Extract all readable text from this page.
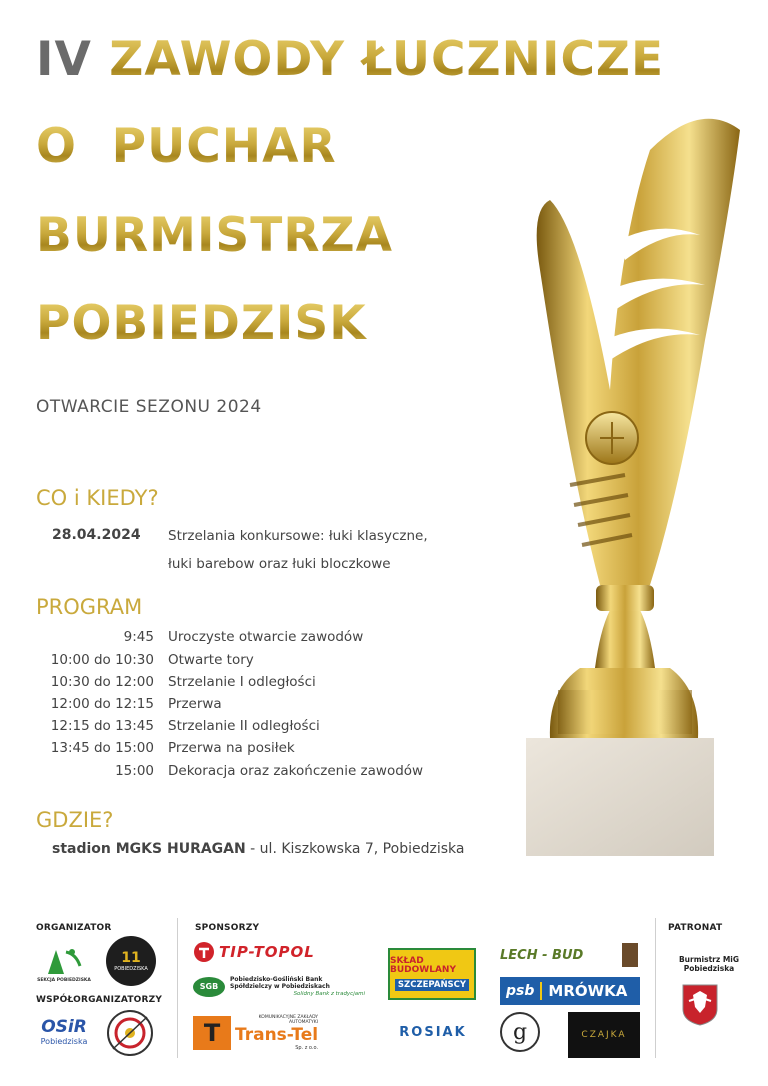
IV ZAWODY ŁUCZNICZE
O  PUCHAR
BURMISTRZA
POBIEDZISK
OTWARCIE SEZONU 2024
CO i KIEDY?
28.04.2024 Strzelania konkursowe: łuki klasyczne,
łuki barebow oraz łuki bloczkowe
PROGRAM
9:45 Uroczyste otwarcie zawodów
10:00 do 10:30 Otwarte tory
10:30 do 12:00 Strzelanie I odległości
12:00 do 12:15 Przerwa
12:15 do 13:45 Strzelanie II odległości
13:45 do 15:00 Przerwa na posiłek
15:00 Dekoracja oraz zakończenie zawodów
GDZIE?
stadion MGKS HURAGAN - ul. Kiszkowska 7, Pobiedziska
ORGANIZATOR
WSPÓŁORGANIZATORZY
SPONSORZY	PATRONAT
SEKCJA POBIEDZISKA
11
POBIEDZISKA
OSiR
Pobiedziska
TIP-TOPOL
SGB
Pobiedzisko-Gośliński Bank Spółdzielczy w Pobiedziskach
Solidny Bank z tradycjami
T
KOMUNIKACYJNE ZAKŁADY AUTOMATYKI
Trans-Tel
Sp. z o.o.
SKŁAD BUDOWLANY
SZCZEPAŃSCY
ROSIAK
LECH - BUD
psb MRÓWKA
g	CZAJKA
Burmistrz MiG Pobiedziska
